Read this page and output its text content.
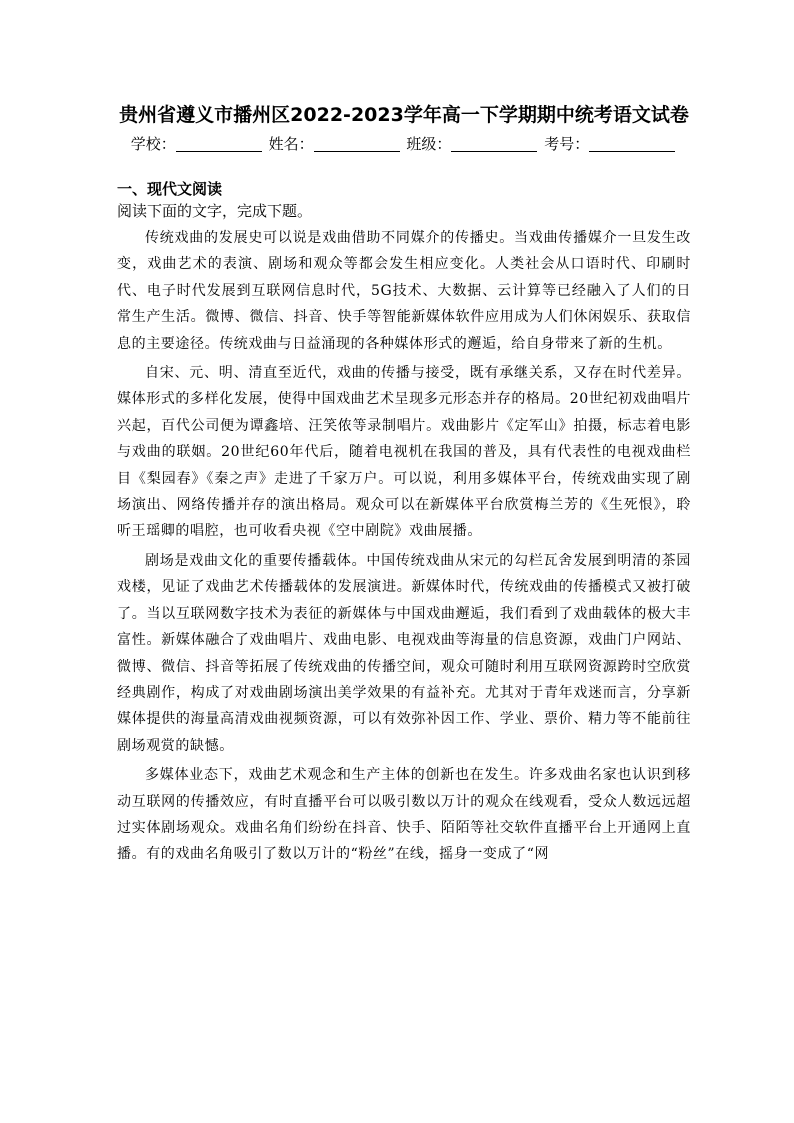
贵州省遵义市播州区2022-2023学年高一下学期期中统考语文试卷
学校：	姓名：	班级：	考号：
一、现代文阅读

阅读下面的文字，完成下题。

传统戏曲的发展史可以说是戏曲借助不同媒介的传播史。当戏曲传播媒介一旦发生改变，戏曲艺术的表演、剧场和观众等都会发生相应变化。人类社会从口语时代、印刷时代、电子时代发展到互联网信息时代，5G技术、大数据、云计算等已经融入了人们的日常生产生活。微博、微信、抖音、快手等智能新媒体软件应用成为人们休闲娱乐、获取信息的主要途径。传统戏曲与日益涌现的各种媒体形式的邂逅，给自身带来了新的生机。

自宋、元、明、清直至近代，戏曲的传播与接受，既有承继关系，又存在时代差异。媒体形式的多样化发展，使得中国戏曲艺术呈现多元形态并存的格局。20世纪初戏曲唱片兴起，百代公司便为谭鑫培、汪笑侬等录制唱片。戏曲影片《定军山》拍摄，标志着电影与戏曲的联姻。20世纪60年代后，随着电视机在我国的普及，具有代表性的电视戏曲栏目《梨园春》《秦之声》走进了千家万户。可以说，利用多媒体平台，传统戏曲实现了剧场演出、网络传播并存的演出格局。观众可以在新媒体平台欣赏梅兰芳的《生死恨》，聆听王瑶卿的唱腔，也可收看央视《空中剧院》戏曲展播。

剧场是戏曲文化的重要传播载体。中国传统戏曲从宋元的勾栏瓦舍发展到明清的茶园戏楼，见证了戏曲艺术传播载体的发展演进。新媒体时代，传统戏曲的传播模式又被打破了。当以互联网数字技术为表征的新媒体与中国戏曲邂逅，我们看到了戏曲载体的极大丰富性。新媒体融合了戏曲唱片、戏曲电影、电视戏曲等海量的信息资源，戏曲门户网站、微博、微信、抖音等拓展了传统戏曲的传播空间，观众可随时利用互联网资源跨时空欣赏经典剧作，构成了对戏曲剧场演出美学效果的有益补充。尤其对于青年戏迷而言，分享新媒体提供的海量高清戏曲视频资源，可以有效弥补因工作、学业、票价、精力等不能前往剧场观赏的缺憾。

多媒体业态下，戏曲艺术观念和生产主体的创新也在发生。许多戏曲名家也认识到移动互联网的传播效应，有时直播平台可以吸引数以万计的观众在线观看，受众人数远远超过实体剧场观众。戏曲名角们纷纷在抖音、快手、陌陌等社交软件直播平台上开通网上直播。有的戏曲名角吸引了数以万计的“粉丝”在线，摇身一变成了“网
